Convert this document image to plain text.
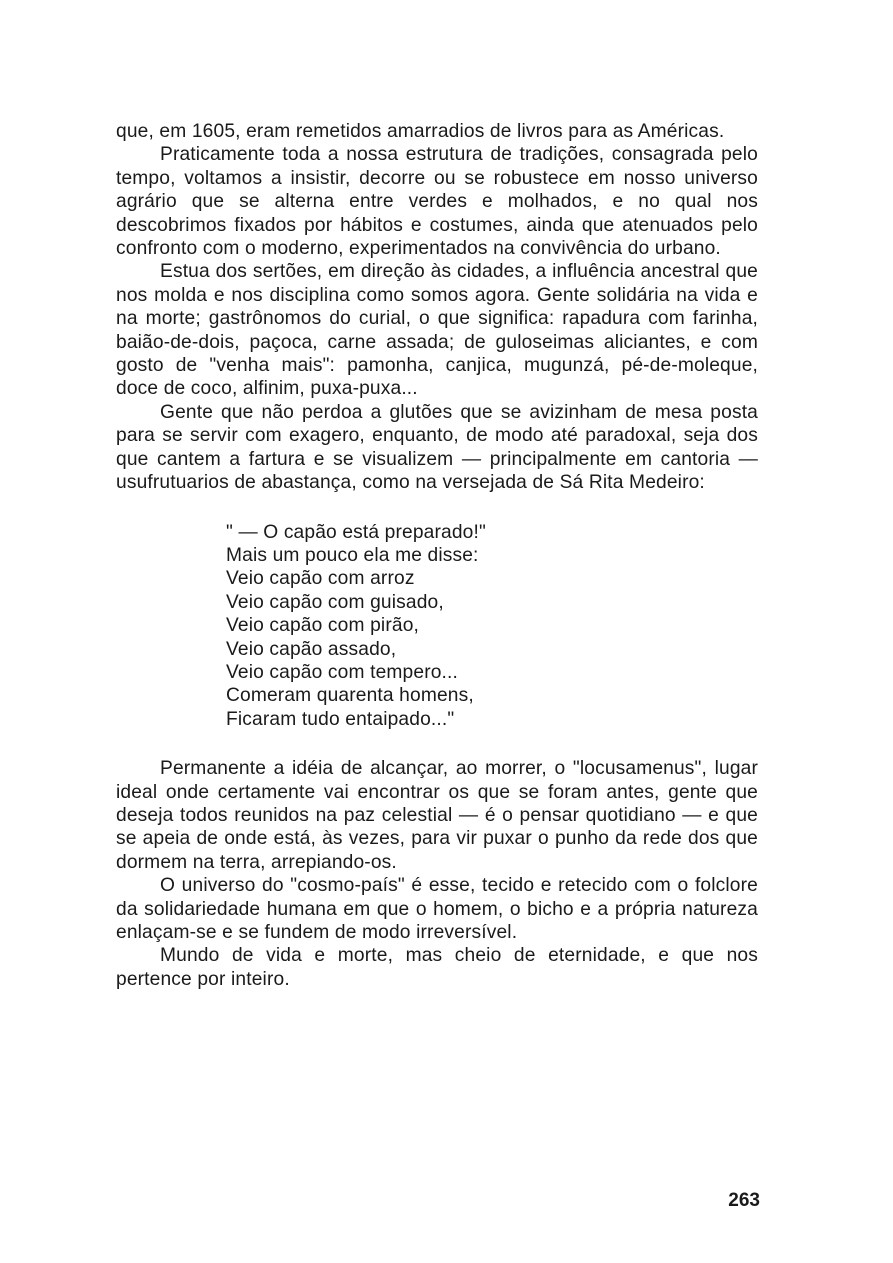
que, em 1605, eram remetidos amarradios de livros para as Américas.

Praticamente toda a nossa estrutura de tradições, consagrada pelo tempo, voltamos a insistir, decorre ou se robustece em nosso universo agrário que se alterna entre verdes e molhados, e no qual nos descobrimos fixados por hábitos e costumes, ainda que atenuados pelo confronto com o moderno, experimentados na convivência do urbano.

Estua dos sertões, em direção às cidades, a influência ancestral que nos molda e nos disciplina como somos agora. Gente solidária na vida e na morte; gastrônomos do curial, o que significa: rapadura com farinha, baião-de-dois, paçoca, carne assada; de guloseimas aliciantes, e com gosto de "venha mais": pamonha, canjica, mugunzá, pé-de-moleque, doce de coco, alfinim, puxa-puxa...

Gente que não perdoa a glutões que se avizinham de mesa posta para se servir com exagero, enquanto, de modo até paradoxal, seja dos que cantem a fartura e se visualizem — principalmente em cantoria — usufrutuarios de abastança, como na versejada de Sá Rita Medeiro:

" — O capão está preparado!"
Mais um pouco ela me disse:
Veio capão com arroz
Veio capão com guisado,
Veio capão com pirão,
Veio capão assado,
Veio capão com tempero...
Comeram quarenta homens,
Ficaram tudo entaipado..."

Permanente a idéia de alcançar, ao morrer, o "locusamenus", lugar ideal onde certamente vai encontrar os que se foram antes, gente que deseja todos reunidos na paz celestial — é o pensar quotidiano — e que se apeia de onde está, às vezes, para vir puxar o punho da rede dos que dormem na terra, arrepiando-os.

O universo do "cosmo-país" é esse, tecido e retecido com o folclore da solidariedade humana em que o homem, o bicho e a própria natureza enlaçam-se e se fundem de modo irreversível.

Mundo de vida e morte, mas cheio de eternidade, e que nos pertence por inteiro.

263
